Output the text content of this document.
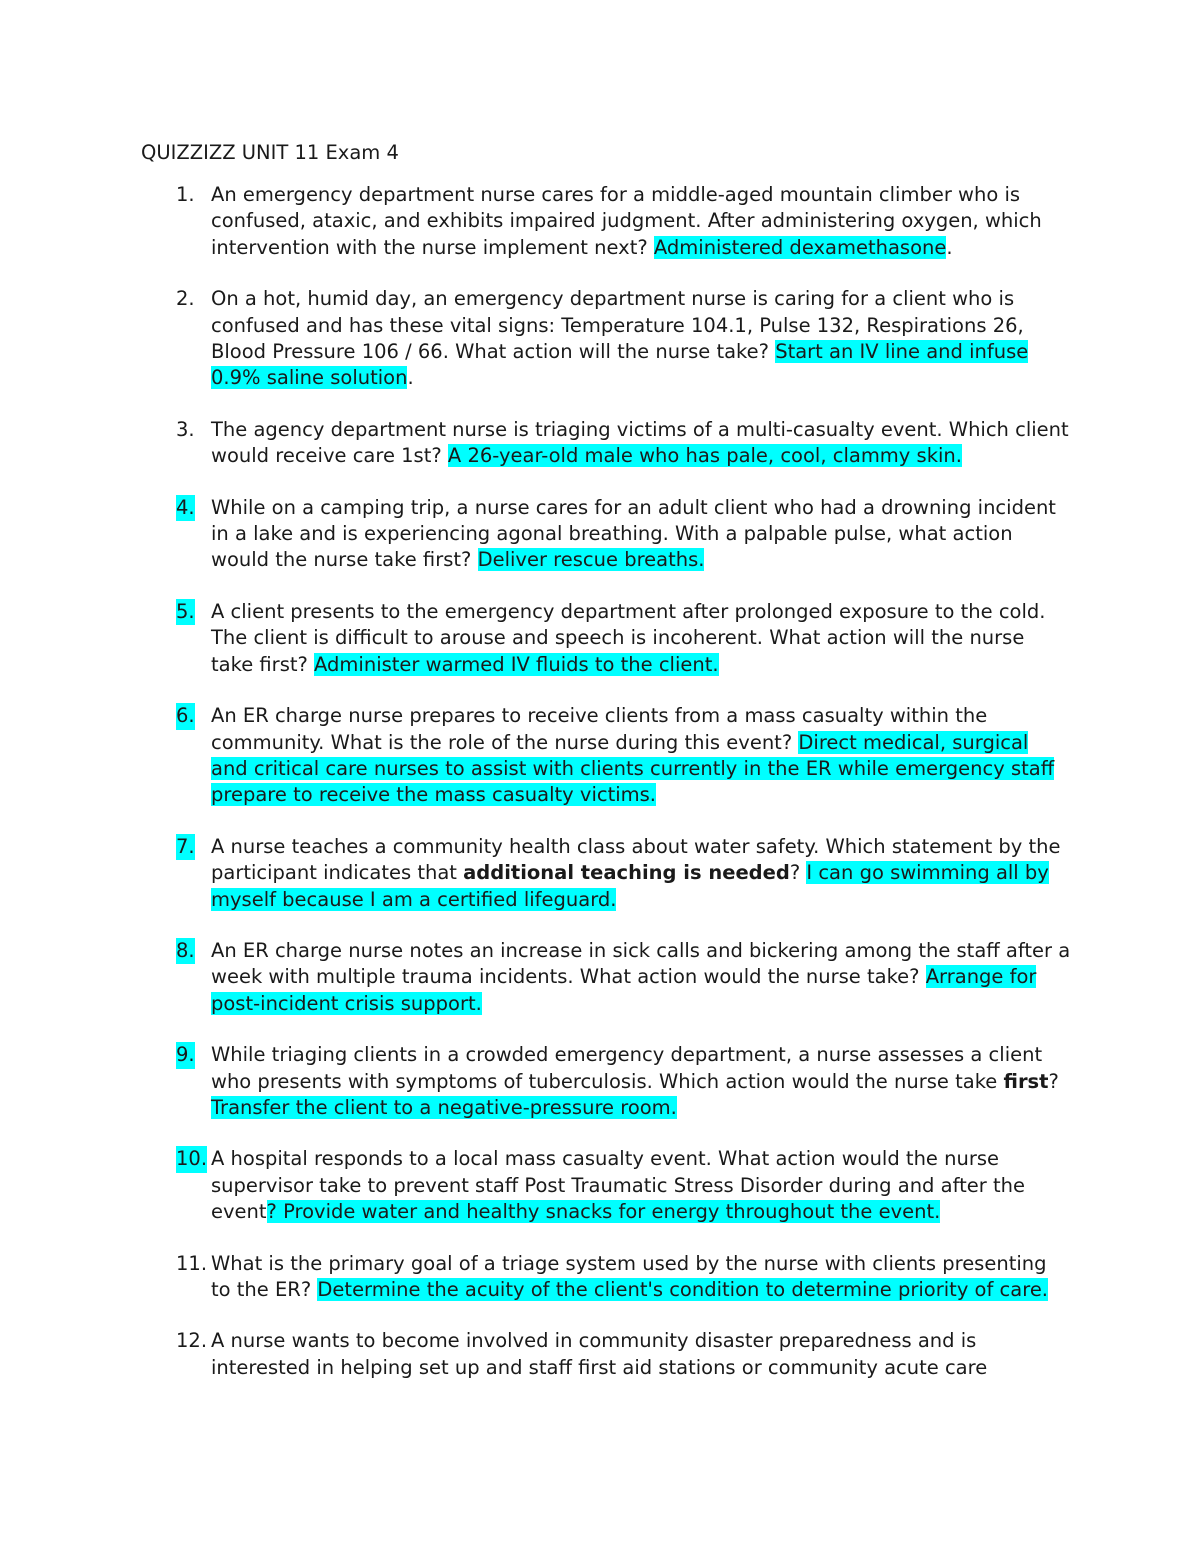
QUIZZIZZ UNIT 11 Exam 4
1. An emergency department nurse cares for a middle-aged mountain climber who is confused, ataxic, and exhibits impaired judgment. After administering oxygen, which intervention with the nurse implement next? Administered dexamethasone.
2. On a hot, humid day, an emergency department nurse is caring for a client who is confused and has these vital signs: Temperature 104.1, Pulse 132, Respirations 26, Blood Pressure 106 / 66. What action will the nurse take? Start an IV line and infuse 0.9% saline solution.
3. The agency department nurse is triaging victims of a multi-casualty event. Which client would receive care 1st? A 26-year-old male who has pale, cool, clammy skin.
4. While on a camping trip, a nurse cares for an adult client who had a drowning incident in a lake and is experiencing agonal breathing. With a palpable pulse, what action would the nurse take first? Deliver rescue breaths.
5. A client presents to the emergency department after prolonged exposure to the cold. The client is difficult to arouse and speech is incoherent. What action will the nurse take first? Administer warmed IV fluids to the client.
6. An ER charge nurse prepares to receive clients from a mass casualty within the community. What is the role of the nurse during this event? Direct medical, surgical and critical care nurses to assist with clients currently in the ER while emergency staff prepare to receive the mass casualty victims.
7. A nurse teaches a community health class about water safety. Which statement by the participant indicates that additional teaching is needed? I can go swimming all by myself because I am a certified lifeguard.
8. An ER charge nurse notes an increase in sick calls and bickering among the staff after a week with multiple trauma incidents. What action would the nurse take? Arrange for post-incident crisis support.
9. While triaging clients in a crowded emergency department, a nurse assesses a client who presents with symptoms of tuberculosis. Which action would the nurse take first? Transfer the client to a negative-pressure room.
10. A hospital responds to a local mass casualty event. What action would the nurse supervisor take to prevent staff Post Traumatic Stress Disorder during and after the event? Provide water and healthy snacks for energy throughout the event.
11. What is the primary goal of a triage system used by the nurse with clients presenting to the ER? Determine the acuity of the client's condition to determine priority of care.
12. A nurse wants to become involved in community disaster preparedness and is interested in helping set up and staff first aid stations or community acute care
